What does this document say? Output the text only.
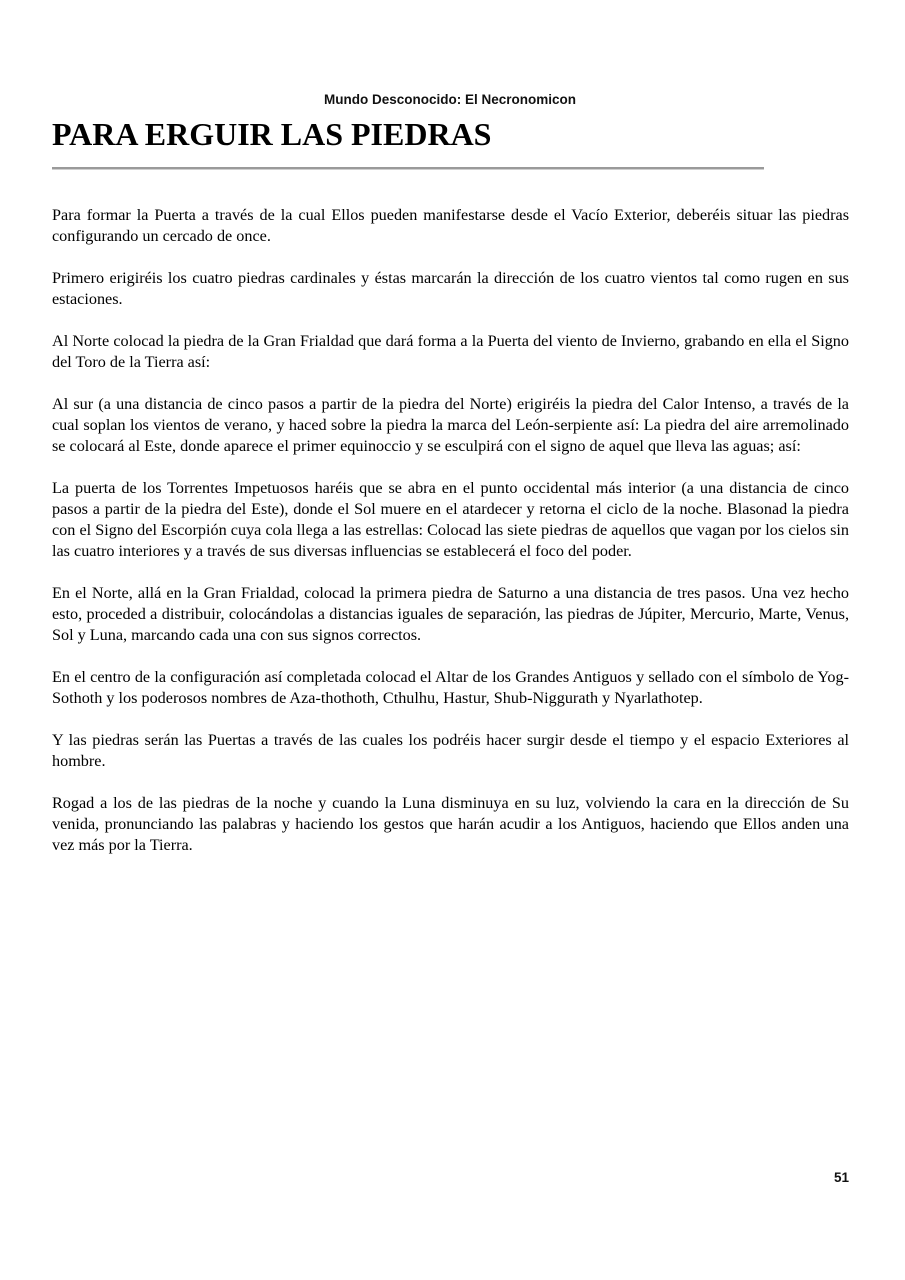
Mundo Desconocido: El Necronomicon
PARA ERGUIR LAS PIEDRAS

Para formar la Puerta a través de la cual Ellos pueden manifestarse desde el Vacío Exterior, deberéis situar las piedras configurando un cercado de once.

Primero erigiréis los cuatro piedras cardinales y éstas marcarán la dirección de los cuatro vientos tal como rugen en sus estaciones.

Al Norte colocad la piedra de la Gran Frialdad que dará forma a la Puerta del viento de Invierno, grabando en ella el Signo del Toro de la Tierra así:

Al sur (a una distancia de cinco pasos a partir de la piedra del Norte) erigiréis la piedra del Calor Intenso, a través de la cual soplan los vientos de verano, y haced sobre la piedra la marca del León-serpiente así: La piedra del aire arremolinado se colocará al Este, donde aparece el primer equinoccio y se esculpirá con el signo de aquel que lleva las aguas; así:

La puerta de los Torrentes Impetuosos haréis que se abra en el punto occidental más interior (a una distancia de cinco pasos a partir de la piedra del Este), donde el Sol muere en el atardecer y retorna el ciclo de la noche. Blasonad la piedra con el Signo del Escorpión cuya cola llega a las estrellas: Colocad las siete piedras de aquellos que vagan por los cielos sin las cuatro interiores y a través de sus diversas influencias se establecerá el foco del poder.

En el Norte, allá en la Gran Frialdad, colocad la primera piedra de Saturno a una distancia de tres pasos. Una vez hecho esto, proceded a distribuir, colocándolas a distancias iguales de separación, las piedras de Júpiter, Mercurio, Marte, Venus, Sol y Luna, marcando cada una con sus signos correctos.

En el centro de la configuración así completada colocad el Altar de los Grandes Antiguos y sellado con el símbolo de Yog-Sothoth y los poderosos nombres de Aza-thothoth, Cthulhu, Hastur, Shub-Niggurath y Nyarlathotep.

Y las piedras serán las Puertas a través de las cuales los podréis hacer surgir desde el tiempo y el espacio Exteriores al hombre.

Rogad a los de las piedras de la noche y cuando la Luna disminuya en su luz, volviendo la cara en la dirección de Su venida, pronunciando las palabras y haciendo los gestos que harán acudir a los Antiguos, haciendo que Ellos anden una vez más por la Tierra.

51
